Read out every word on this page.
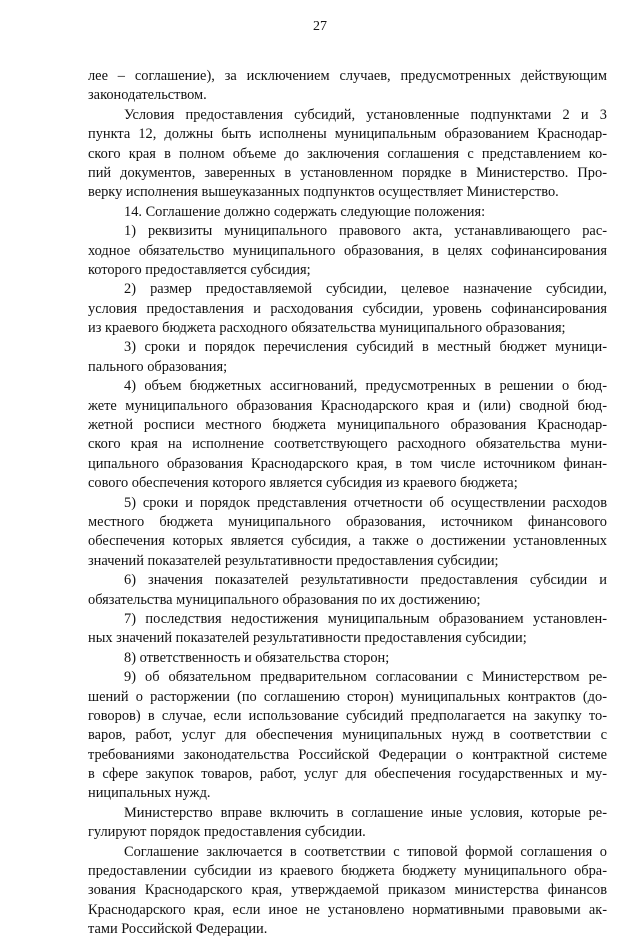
27
лее – соглашение), за исключением случаев, предусмотренных действующим
законодательством.
Условия предоставления субсидий, установленные подпунктами 2 и 3
пункта 12, должны быть исполнены муниципальным образованием Краснодар-
ского края в полном объеме до заключения соглашения с представлением ко-
пий документов, заверенных в установленном порядке в Министерство. Про-
верку исполнения вышеуказанных подпунктов осуществляет Министерство.
14. Соглашение должно содержать следующие положения:
1) реквизиты муниципального правового акта, устанавливающего рас-
ходное обязательство муниципального образования, в целях софинансирования
которого предоставляется субсидия;
2) размер предоставляемой субсидии, целевое назначение субсидии,
условия предоставления и расходования субсидии, уровень софинансирования
из краевого бюджета расходного обязательства муниципального образования;
3) сроки и порядок перечисления субсидий в местный бюджет муници-
пального образования;
4) объем бюджетных ассигнований, предусмотренных в решении о бюд-
жете муниципального образования Краснодарского края и (или) сводной бюд-
жетной росписи местного бюджета муниципального образования Краснодар-
ского края на исполнение соответствующего расходного обязательства муни-
ципального образования Краснодарского края, в том числе источником финан-
сового обеспечения которого является субсидия из краевого бюджета;
5) сроки и порядок представления отчетности об осуществлении расходов
местного бюджета муниципального образования, источником финансового
обеспечения которых является субсидия, а также о достижении установленных
значений показателей результативности предоставления субсидии;
6) значения показателей результативности предоставления субсидии и
обязательства муниципального образования по их достижению;
7) последствия недостижения муниципальным образованием установлен-
ных значений показателей результативности предоставления субсидии;
8) ответственность и обязательства сторон;
9) об обязательном предварительном согласовании с Министерством ре-
шений о расторжении (по соглашению сторон) муниципальных контрактов (до-
говоров) в случае, если использование субсидий предполагается на закупку то-
варов, работ, услуг для обеспечения муниципальных нужд в соответствии с
требованиями законодательства Российской Федерации о контрактной системе
в сфере закупок товаров, работ, услуг для обеспечения государственных и му-
ниципальных нужд.
Министерство вправе включить в соглашение иные условия, которые ре-
гулируют порядок предоставления субсидии.
Соглашение заключается в соответствии с типовой формой соглашения о
предоставлении субсидии из краевого бюджета бюджету муниципального обра-
зования Краснодарского края, утверждаемой приказом министерства финансов
Краснодарского края, если иное не установлено нормативными правовыми ак-
тами Российской Федерации.
